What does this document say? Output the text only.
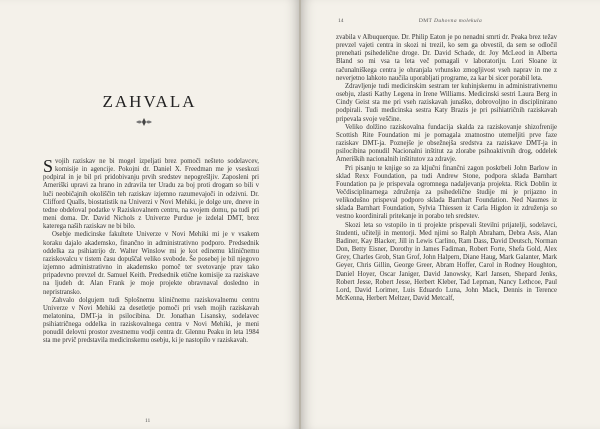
ZAHVALA

Svojih raziskav ne bi mogel izpeljati brez pomoči nešteto sodelavcev, komisije in agencije. Pokojni dr. Daniel X. Freedman me je vseskozi podpiral in je bil pri pridobivanju prvih sredstev nepogrešljiv. Zaposleni pri Ameriški upravi za hrano in zdravila ter Uradu za boj proti drogam so bili v luči neobičajnih okoliščin teh raziskav izjemno razumevajoči in odzivni. Dr. Clifford Qualls, biostatistik na Univerzi v Novi Mehiki, je dolge ure, dneve in tedne obdeloval podatke v Raziskovalnem centru, na svojem domu, pa tudi pri meni doma. Dr. David Nichols z Univerze Purdue je izdelal DMT, brez katerega naših raziskav ne bi bilo.

Osebje medicinske fakultete Univerze v Novi Mehiki mi je v vsakem koraku dajalo akademsko, finančno in administrativno podporo. Predsednik oddelka za psihiatrijo dr. Walter Winslow mi je kot edinemu kliničnemu raziskovalcu v tistem času dopuščal veliko svobode. Še posebej je bil njegovo izjemno administrativno in akademsko pomoč ter svetovanje prav tako pripadevno prevzel dr. Samuel Keith. Predsednik etične komisije za raziskave na ljudeh dr. Alan Frank je moje projekte obravnaval dosledno in nepristransko.

Zahvalo dolgujem tudi Splošnemu kliničnemu raziskovalnemu centru Univerze v Novi Mehiki za desetletje pomoči pri vseh mojih raziskavah melatonina, DMT-ja in psilocibina. Dr. Jonathan Lisansky, sodelavec psihiatričnega oddelka in raziskovalnega centra v Novi Mehiki, je meni ponudil delovni prostor zvestnemu vodji centra dr. Glennu Peaku in leta 1984 sta me prvič predstavila medicinskemu osebju, ki je nastopilo v raziskavah.

11
14	DMT Duhovna molekula

zvabila v Albuquerque. Dr. Philip Eaton je po nenadni smrti dr. Peaka brez težav prevzel vajeti centra in skozi ni trezil, ko sem ga obvestil, da sem se odločil prenehati psihedelične droge. Dr. David Schade, dr. Joy McLeod in Alberta Bland so mi vsa ta leta več pomagali v laboratoriju. Lori Sloane iz računalniškega centra je ohranjala vrhunsko zmogljivost vseh naprav in me z neverjetno lahkoto naučila uporabljati programe, za kar bi sicer porabil leta.

Zdravljenje tudi medicinskim sestram ter kuhinjskemu in administrativnemu osebju, zlasti Kathy Legena in Irene Williams. Medicinski sestri Laura Berg in Cindy Geist sta me pri vseh raziskavah junaško, dobrovoljno in disciplinirano podpirali. Tudi medicinska sestra Katy Brazis je pri psihiatričnih raziskavah pripevala svoje veščine.

Veliko dolžino raziskovalna fundacija skalda za raziskovanje shizofrenije Scottish Rite Foundation mi je pomagala znatnostno utemeljiti prve faze raziskav DMT-ja. Poznejše je obsežnejša sredstva za raziskave DMT-ja in psilocibina ponudil Nacionalni inštitut za zlorabe psihoaktivnih drog, oddelek Ameriških nacionalnih inštitutov za zdravje.

Pri pisanju te knjige so za ključni finančni zagon poskrbeli John Barlow in sklad Rexx Foundation, pa tudi Andrew Stone, podpora sklada Barnhart Foundation pa je prispevala ogromnega nadaljevanja projekta. Rick Doblin iz Večdisciplinarnega združenja za psihedelične študije mi je prijazno in velikodušno prispeval podporo sklada Barnhart Foundation. Ned Naumes iz sklada Barnhart Foundation, Sylvia Thiessen iz Carla Higdon iz združenja so vestno koordinirali pritekanje in porabo teh sredstev.

Skozi leta so vstopilo in ti projekte prispevali številni prijatelji, sodelavci, študenti, učitelji in mentorji. Med njimi so Ralph Abraham, Debra Asis, Alan Badiner, Kay Blacker, Jill in Lewis Carlino, Ram Dass, David Deutsch, Norman Don, Betty Eisner, Dorothy in James Fadiman, Robert Forte, Shefa Gold, Alex Grey, Charles Grob, Stan Grof, John Halpern, Diane Haug, Mark Galanter, Mark Geyer, Chris Gillin, George Greer, Abram Hoffer, Carol in Rodney Houghton, Daniel Hoyer, Oscar Janiger, David Janowsky, Karl Jansen, Shepard Jenks, Robert Jesse, Robert Jesse, Herbert Kleber, Tad Lepman, Nancy Lethcoe, Paul Lord, David Lorimer, Luis Eduardo Luna, John Mack, Dennis in Terence McKenna, Herbert Meltzer, David Metcalf,
